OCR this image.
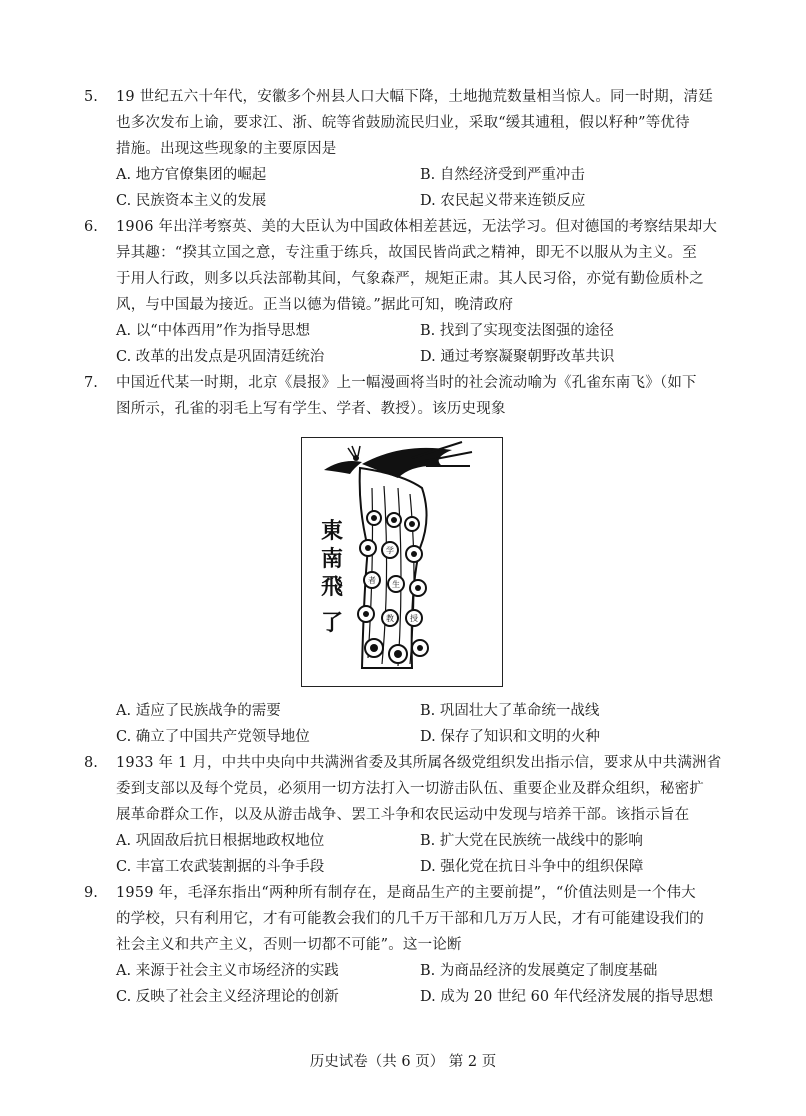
5. 19 世纪五六十年代，安徽多个州县人口大幅下降，土地抛荒数量相当惊人。同一时期，清廷
也多次发布上谕，要求江、浙、皖等省鼓励流民归业，采取“缓其逋租，假以籽种”等优待
措施。出现这些现象的主要原因是
A. 地方官僚集团的崛起	B. 自然经济受到严重冲击
C. 民族资本主义的发展	D. 农民起义带来连锁反应
6. 1906 年出洋考察英、美的大臣认为中国政体相差甚远，无法学习。但对德国的考察结果却大
异其趣：“揆其立国之意，专注重于练兵，故国民皆尚武之精神，即无不以服从为主义。至
于用人行政，则多以兵法部勒其间，气象森严，规矩正肃。其人民习俗，亦觉有勤俭质朴之
风，与中国最为接近。正当以德为借镜。”据此可知，晚清政府
A. 以“中体西用”作为指导思想	B. 找到了实现变法图强的途径
C. 改革的出发点是巩固清廷统治	D. 通过考察凝聚朝野改革共识
7. 中国近代某一时期，北京《晨报》上一幅漫画将当时的社会流动喻为《孔雀东南飞》（如下
图所示，孔雀的羽毛上写有学生、学者、教授）。该历史现象
学
者 生
教 授
東
南
飛
了
A. 适应了民族战争的需要	B. 巩固壮大了革命统一战线
C. 确立了中国共产党领导地位	D. 保存了知识和文明的火种
8. 1933 年 1 月，中共中央向中共满洲省委及其所属各级党组织发出指示信，要求从中共满洲省
委到支部以及每个党员，必须用一切方法打入一切游击队伍、重要企业及群众组织，秘密扩
展革命群众工作，以及从游击战争、罢工斗争和农民运动中发现与培养干部。该指示旨在
A. 巩固敌后抗日根据地政权地位	B. 扩大党在民族统一战线中的影响
C. 丰富工农武装割据的斗争手段	D. 强化党在抗日斗争中的组织保障
9. 1959 年，毛泽东指出“两种所有制存在，是商品生产的主要前提”，“价值法则是一个伟大
的学校，只有利用它，才有可能教会我们的几千万干部和几万万人民，才有可能建设我们的
社会主义和共产主义，否则一切都不可能”。这一论断
A. 来源于社会主义市场经济的实践	B. 为商品经济的发展奠定了制度基础
C. 反映了社会主义经济理论的创新	D. 成为 20 世纪 60 年代经济发展的指导思想
历史试卷（共 6 页） 第 2 页
